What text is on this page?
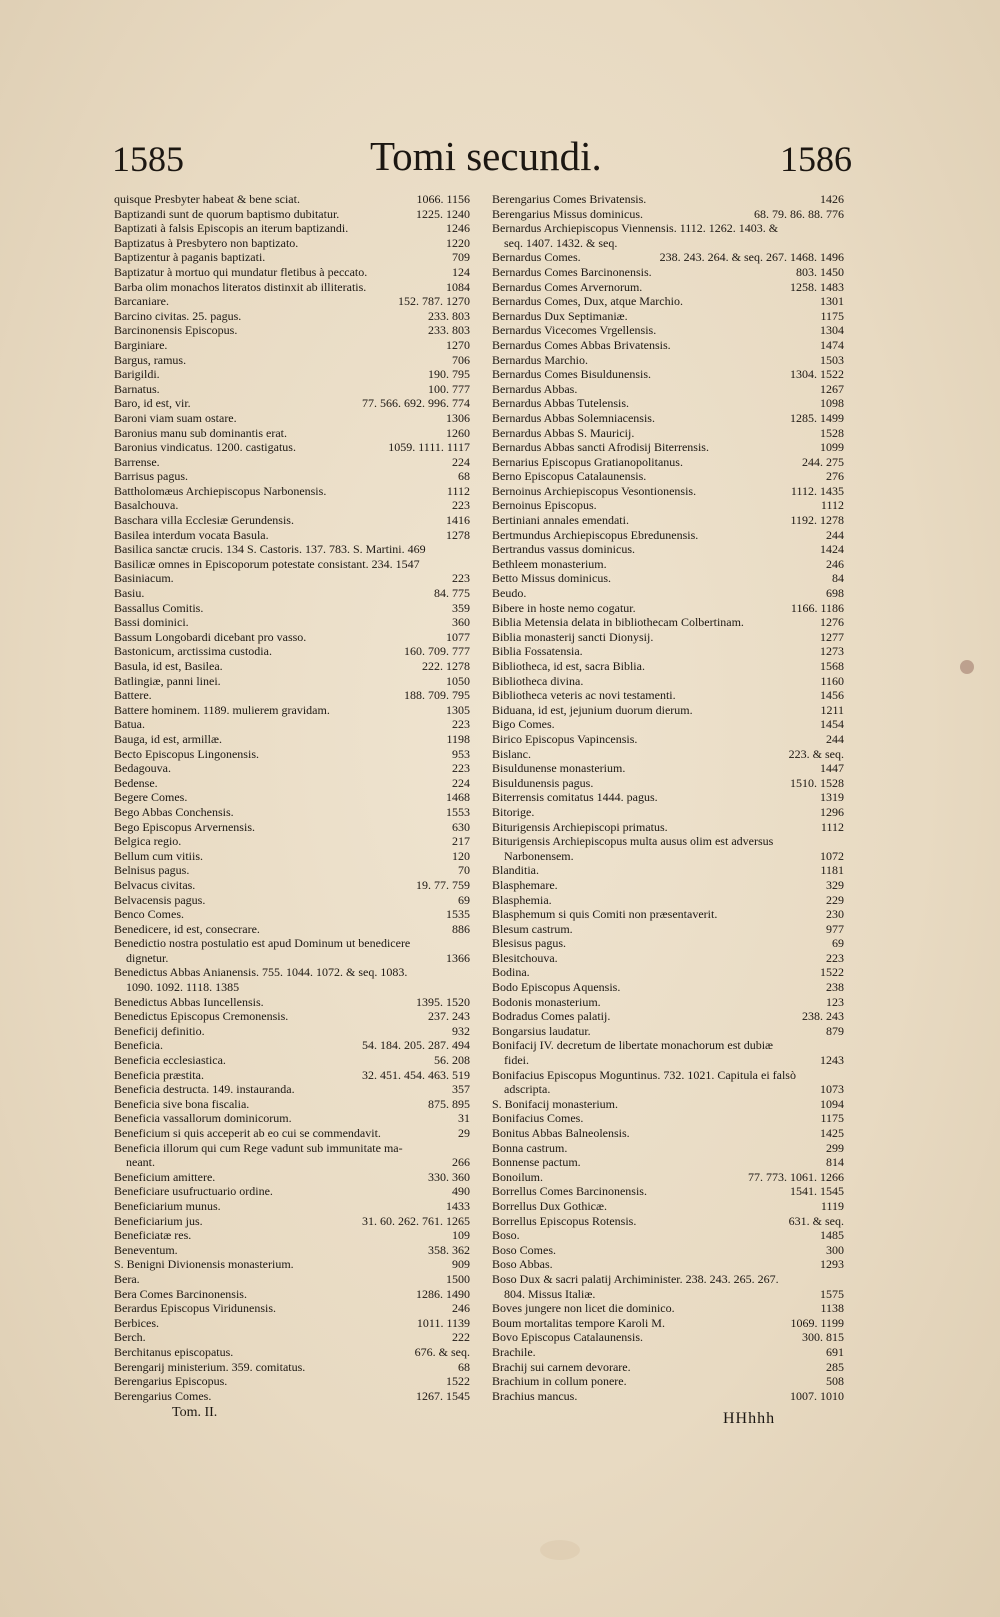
1585	Tomi secundi.	1586
quisque Presbyter habeat & bene sciat.	1066. 1156
Baptizandi sunt de quorum baptismo dubitatur.	1225. 1240
Baptizati à falsis Episcopis an iterum baptizandi.	1246
Baptizatus à Presbytero non baptizato.	1220
Baptizentur à paganis baptizati.	709
Baptizatur à mortuo qui mundatur fletibus à peccato.	124
Barba olim monachos literatos distinxit ab illiteratis.	1084
Barcaniare.	152. 787. 1270
Barcino civitas. 25. pagus.	233. 803
Barcinonensis Episcopus.	233. 803
Barginiare.	1270
Bargus, ramus.	706
Barigildi.	190. 795
Barnatus.	100. 777
Baro, id est, vir.	77. 566. 692. 996. 774
Baroni viam suam ostare.	1306
Baronius manu sub dominantis erat.	1260
Baronius vindicatus. 1200. castigatus.	1059. 1111. 1117
Barrense.	224
Barrisus pagus.	68
Battholomæus Archiepiscopus Narbonensis.	1112
Basalchouva.	223
Baschara villa Ecclesiæ Gerundensis.	1416
Basilea interdum vocata Basula.	1278
Basilica sanctæ crucis. 134 S. Castoris. 137. 783. S. Martini. 469
Basilicæ omnes in Episcoporum potestate consistant. 234. 1547
Basiniacum.	223
Basiu.	84. 775
Bassallus Comitis.	359
Bassi dominici.	360
Bassum Longobardi dicebant pro vasso.	1077
Bastonicum, arctissima custodia.	160. 709. 777
Basula, id est, Basilea.	222. 1278
Batlingiæ, panni linei.	1050
Battere.	188. 709. 795
Battere hominem. 1189. mulierem gravidam.	1305
Batua.	223
Bauga, id est, armillæ.	1198
Becto Episcopus Lingonensis.	953
Bedagouva.	223
Bedense.	224
Begere Comes.	1468
Bego Abbas Conchensis.	1553
Bego Episcopus Arvernensis.	630
Belgica regio.	217
Bellum cum vitiis.	120
Belnisus pagus.	70
Belvacus civitas.	19. 77. 759
Belvacensis pagus.	69
Benco Comes.	1535
Benedicere, id est, consecrare.	886
Benedictio nostra postulatio est apud Dominum ut benedicere
dignetur.	1366
Benedictus Abbas Anianensis. 755. 1044. 1072. & seq. 1083.
1090. 1092. 1118. 1385
Benedictus Abbas Iuncellensis.	1395. 1520
Benedictus Episcopus Cremonensis.	237. 243
Beneficij definitio.	932
Beneficia.	54. 184. 205. 287. 494
Beneficia ecclesiastica.	56. 208
Beneficia præstita.	32. 451. 454. 463. 519
Beneficia destructa. 149. instauranda.	357
Beneficia sive bona fiscalia.	875. 895
Beneficia vassallorum dominicorum.	31
Beneficium si quis acceperit ab eo cui se commendavit.	29
Beneficia illorum qui cum Rege vadunt sub immunitate ma-
neant.	266
Beneficium amittere.	330. 360
Beneficiare usufructuario ordine.	490
Beneficiarium munus.	1433
Beneficiarium jus.	31. 60. 262. 761. 1265
Beneficiatæ res.	109
Beneventum.	358. 362
S. Benigni Divionensis monasterium.	909
Bera.	1500
Bera Comes Barcinonensis.	1286. 1490
Berardus Episcopus Viridunensis.	246
Berbices.	1011. 1139
Berch.	222
Berchitanus episcopatus.	676. & seq.
Berengarij ministerium. 359. comitatus.	68
Berengarius Episcopus.	1522
Berengarius Comes.	1267. 1545
Berengarius Comes Brivatensis.	1426
Berengarius Missus dominicus.	68. 79. 86. 88. 776
Bernardus Archiepiscopus Viennensis. 1112. 1262. 1403. &
seq. 1407. 1432. & seq.
Bernardus Comes.	238. 243. 264. & seq. 267. 1468. 1496
Bernardus Comes Barcinonensis.	803. 1450
Bernardus Comes Arvernorum.	1258. 1483
Bernardus Comes, Dux, atque Marchio.	1301
Bernardus Dux Septimaniæ.	1175
Bernardus Vicecomes Vrgellensis.	1304
Bernardus Comes Abbas Brivatensis.	1474
Bernardus Marchio.	1503
Bernardus Comes Bisuldunensis.	1304. 1522
Bernardus Abbas.	1267
Bernardus Abbas Tutelensis.	1098
Bernardus Abbas Solemniacensis.	1285. 1499
Bernardus Abbas S. Mauricij.	1528
Bernardus Abbas sancti Afrodisij Biterrensis.	1099
Bernarius Episcopus Gratianopolitanus.	244. 275
Berno Episcopus Catalaunensis.	276
Bernoinus Archiepiscopus Vesontionensis.	1112. 1435
Bernoinus Episcopus.	1112
Bertiniani annales emendati.	1192. 1278
Bertmundus Archiepiscopus Ebredunensis.	244
Bertrandus vassus dominicus.	1424
Bethleem monasterium.	246
Betto Missus dominicus.	84
Beudo.	698
Bibere in hoste nemo cogatur.	1166. 1186
Biblia Metensia delata in bibliothecam Colbertinam.	1276
Biblia monasterij sancti Dionysij.	1277
Biblia Fossatensia.	1273
Bibliotheca, id est, sacra Biblia.	1568
Bibliotheca divina.	1160
Bibliotheca veteris ac novi testamenti.	1456
Biduana, id est, jejunium duorum dierum.	1211
Bigo Comes.	1454
Birico Episcopus Vapincensis.	244
Bislanc.	223. & seq.
Bisuldunense monasterium.	1447
Bisuldunensis pagus.	1510. 1528
Biterrensis comitatus 1444. pagus.	1319
Bitorige.	1296
Biturigensis Archiepiscopi primatus.	1112
Biturigensis Archiepiscopus multa ausus olim est adversus
Narbonensem.	1072
Blanditia.	1181
Blasphemare.	329
Blasphemia.	229
Blasphemum si quis Comiti non præsentaverit.	230
Blesum castrum.	977
Blesisus pagus.	69
Blesitchouva.	223
Bodina.	1522
Bodo Episcopus Aquensis.	238
Bodonis monasterium.	123
Bodradus Comes palatij.	238. 243
Bongarsius laudatur.	879
Bonifacij IV. decretum de libertate monachorum est dubiæ
fidei.	1243
Bonifacius Episcopus Moguntinus. 732. 1021. Capitula ei falsò
adscripta.	1073
S. Bonifacij monasterium.	1094
Bonifacius Comes.	1175
Bonitus Abbas Balneolensis.	1425
Bonna castrum.	299
Bonnense pactum.	814
Bonoilum.	77. 773. 1061. 1266
Borrellus Comes Barcinonensis.	1541. 1545
Borrellus Dux Gothicæ.	1119
Borrellus Episcopus Rotensis.	631. & seq.
Boso.	1485
Boso Comes.	300
Boso Abbas.	1293
Boso Dux & sacri palatij Archiminister. 238. 243. 265. 267.
804. Missus Italiæ.	1575
Boves jungere non licet die dominico.	1138
Boum mortalitas tempore Karoli M.	1069. 1199
Bovo Episcopus Catalaunensis.	300. 815
Brachile.	691
Brachij sui carnem devorare.	285
Brachium in collum ponere.	508
Brachius mancus.	1007. 1010
Tom. II.	HHhhh
